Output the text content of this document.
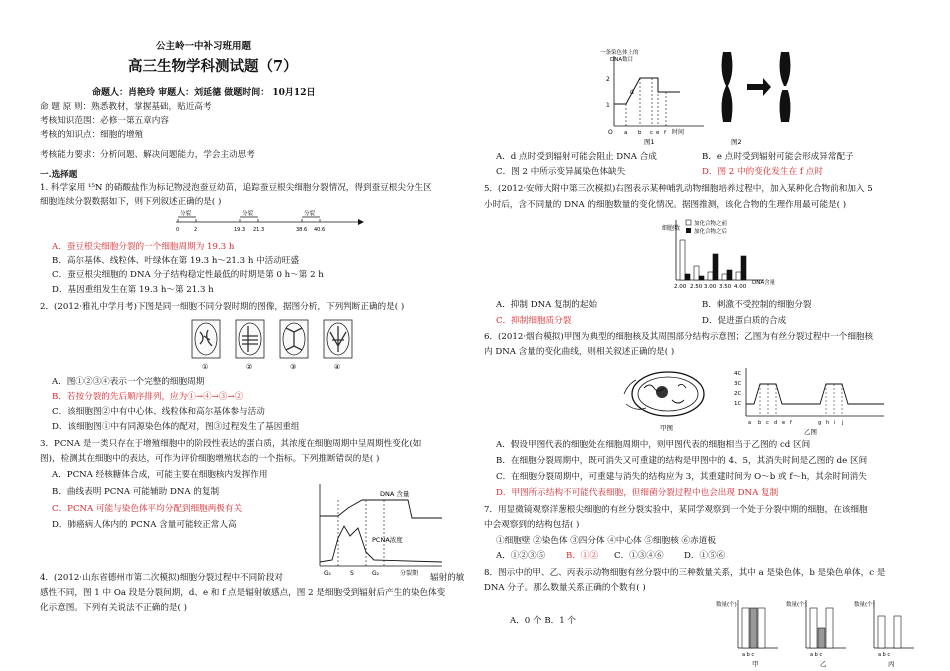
公主岭一中补习班用题
高三生物学科测试题（7）
命题人：肖艳玲 审题人：刘延德 做题时间： 10月12日
命 题 原 则：熟悉教材，掌握基础，贴近高考
考核知识范围：必修一第五章内容
考核的知识点：细胞的增殖
考核能力要求：分析问题、解决问题能力，学会主动思考
一.选择题
1. 科学家用 ¹⁵N 的硝酸盐作为标记物浸泡蚕豆幼苗，追踪蚕豆根尖细胞分裂情况，得到蚕豆根尖分生区
细胞连续分裂数据如下，则下列叙述正确的是( )
分裂	分裂	分裂
0	2	19.3 21.3	38.6 40.6
A．蚕豆根尖细胞分裂的一个细胞周期为 19.3 h
B．高尔基体、线粒体、叶绿体在第 19.3 h～21.3 h 中活动旺盛
C．蚕豆根尖细胞的 DNA 分子结构稳定性最低的时期是第 0 h～第 2 h
D．基因重组发生在第 19.3 h～第 21.3 h
2．(2012·雅礼中学月考)下图是同一细胞不同分裂时期的图像，据图分析，下列判断正确的是( )
①	②	③	④
A．图①②③④表示一个完整的细胞周期
B．若按分裂的先后顺序排列，应为①→④→③→②
C．该细胞图②中有中心体、线粒体和高尔基体参与活动
D．该细胞图①中有同源染色体的配对，图③过程发生了基因重组
3．PCNA 是一类只存在于增殖细胞中的阶段性表达的蛋白质，其浓度在细胞周期中呈周期性变化(如
图)，检测其在细胞中的表达，可作为评价细胞增殖状态的一个指标。下列推断错误的是( )
A．PCNA 经核糖体合成，可能主要在细胞核内发挥作用
B．曲线表明 PCNA 可能辅助 DNA 的复制
C．PCNA 可能与染色体平均分配到细胞两极有关
D．肺癌病人体内的 PCNA 含量可能较正常人高
DNA 含量
PCNA浓度
G₁	S	G₂	分裂期
4．(2012·山东省德州市第二次模拟)细胞分裂过程中不同阶段对	辐射的敏
感性不同，图 1 中 Oa 段是分裂间期，d、e 和 f 点是辐射敏感点，图 2 是细胞受到辐射后产生的染色体变
化示意图。下列有关说法不正确的是( )
一条染色体上的
DNA数目
2
1
d
O a b c e f 时间
图1	图2
A．d 点时受到辐射可能会阻止 DNA 合成	B．e 点时受到辐射可能会形成异常配子
C．图 2 中所示变异属染色体缺失	D．图 2 中的变化发生在 f 点时
5．(2012·安师大附中第三次模拟)右图表示某种哺乳动物细胞培养过程中，加入某种化合物前和加入 5
小时后，含不同量的 DNA 的细胞数量的变化情况。据图推测，该化合物的生理作用最可能是( )
细胞数
加化合物之前
加化合物之后
2.00 2.50 3.00 3.50 4.00
DNA含量
A．抑制 DNA 复制的起始	B．刺激不受控制的细胞分裂
C．抑制细胞质分裂	D．促进蛋白质的合成
6．(2012·烟台模拟)甲图为典型的细胞核及其周围部分结构示意图；乙图为有丝分裂过程中一个细胞核
内 DNA 含量的变化曲线，则相关叙述正确的是( )
甲图
4C
3C
2C
1C
a b c d e f	g h i j
乙图
A．假设甲图代表的细胞处在细胞周期中，则甲图代表的细胞相当于乙图的 cd 区间
B．在细胞分裂周期中，既可消失又可重建的结构是甲图中的 4、5，其消失时间是乙图的 de 区间
C．在细胞分裂周期中，可重建与消失的结构应为 3，其重建时间为 O～b 或 f～h，其余时间消失
D．甲图所示结构不可能代表细胞，但细菌分裂过程中也会出现 DNA 复制
7．用显微镜观察洋葱根尖细胞的有丝分裂实验中，某同学观察到一个处于分裂中期的细胞，在该细胞
中会观察到的结构包括( )
①细胞壁 ②染色体 ③四分体 ④中心体 ⑤细胞核 ⑥赤道板
A．①②③⑤ B．①② C．①③④⑥ D．①⑤⑥
8．图示中的甲、乙、丙表示动物细胞有丝分裂中的三种数量关系，其中 a 是染色体，b 是染色单体，c 是
DNA 分子。那么数量关系正确的个数有( )
A．0 个 B．1 个
数量(个)	数量(个)	数量(个)
a b c	a b c	a b c
甲	乙	丙
